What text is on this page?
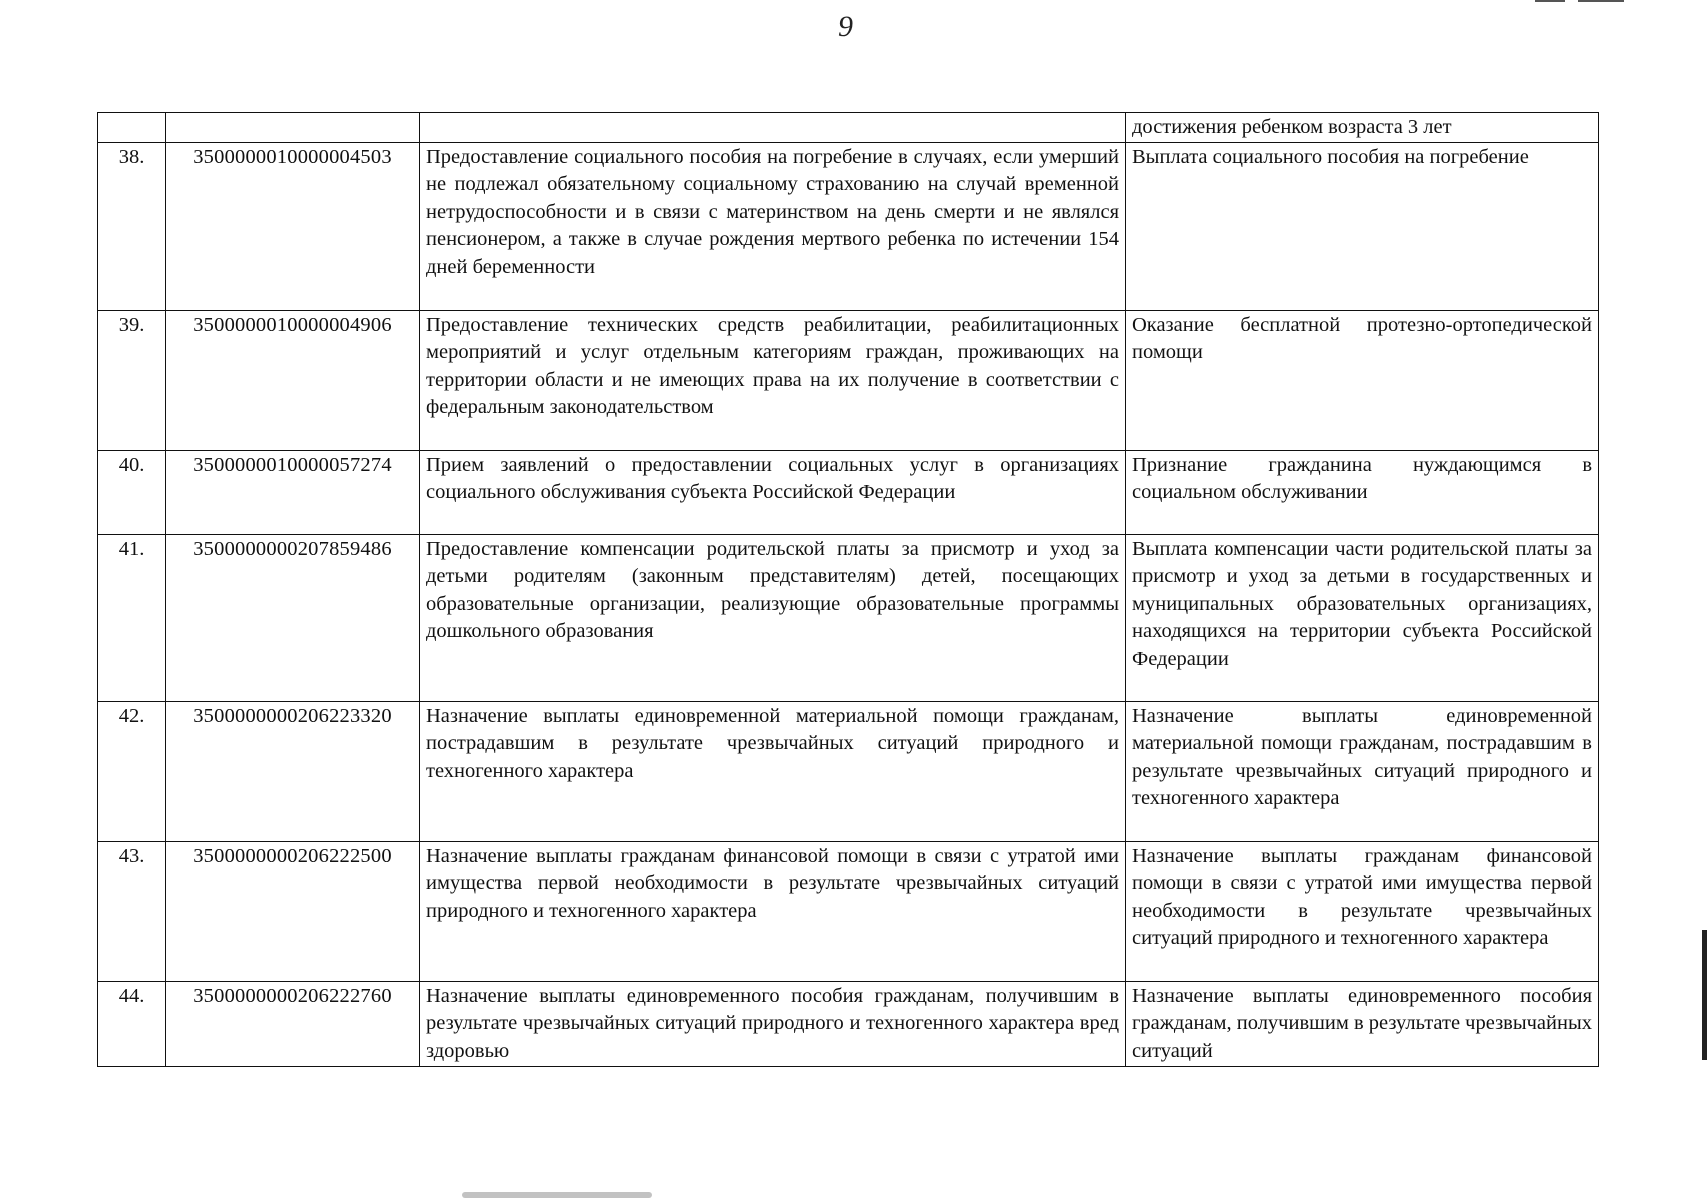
9
			достижения ребенком возраста 3 лет
38.	3500000010000004503	Предоставление социального пособия на погребение в случаях, если умерший не подлежал обязательному социальному страхованию на случай временной нетрудоспособности и в связи с материнством на день смерти и не являлся пенсионером, а также в случае рождения мертвого ребенка по истечении 154 дней беременности	Выплата социального пособия на погребение
39.	3500000010000004906	Предоставление технических средств реабилитации, реабилитационных мероприятий и услуг отдельным категориям граждан, проживающих на территории области и не имеющих права на их получение в соответствии с федеральным законодательством	Оказание бесплатной протезно-ортопедической помощи
40.	3500000010000057274	Прием заявлений о предоставлении социальных услуг в организациях социального обслуживания субъекта Российской Федерации	Признание гражданина нуждающимся в социальном обслуживании
41.	3500000000207859486	Предоставление компенсации родительской платы за присмотр и уход за детьми родителям (законным представителям) детей, посещающих образовательные организации, реализующие образовательные программы дошкольного образования	Выплата компенсации части родительской платы за присмотр и уход за детьми в государственных и муниципальных образовательных организациях, находящихся на территории субъекта Российской Федерации
42.	3500000000206223320	Назначение выплаты единовременной материальной помощи гражданам, пострадавшим в результате чрезвычайных ситуаций природного и техногенного характера	Назначение выплаты единовременной материальной помощи гражданам, пострадавшим в результате чрезвычайных ситуаций природного и техногенного характера
43.	3500000000206222500	Назначение выплаты гражданам финансовой помощи в связи с утратой ими имущества первой необходимости в результате чрезвычайных ситуаций природного и техногенного характера	Назначение выплаты гражданам финансовой помощи в связи с утратой ими имущества первой необходимости в результате чрезвычайных ситуаций природного и техногенного характера
44.	3500000000206222760	Назначение выплаты единовременного пособия гражданам, получившим в результате чрезвычайных ситуаций природного и техногенного характера вред здоровью	Назначение выплаты единовременного пособия гражданам, получившим в результате чрезвычайных ситуаций
